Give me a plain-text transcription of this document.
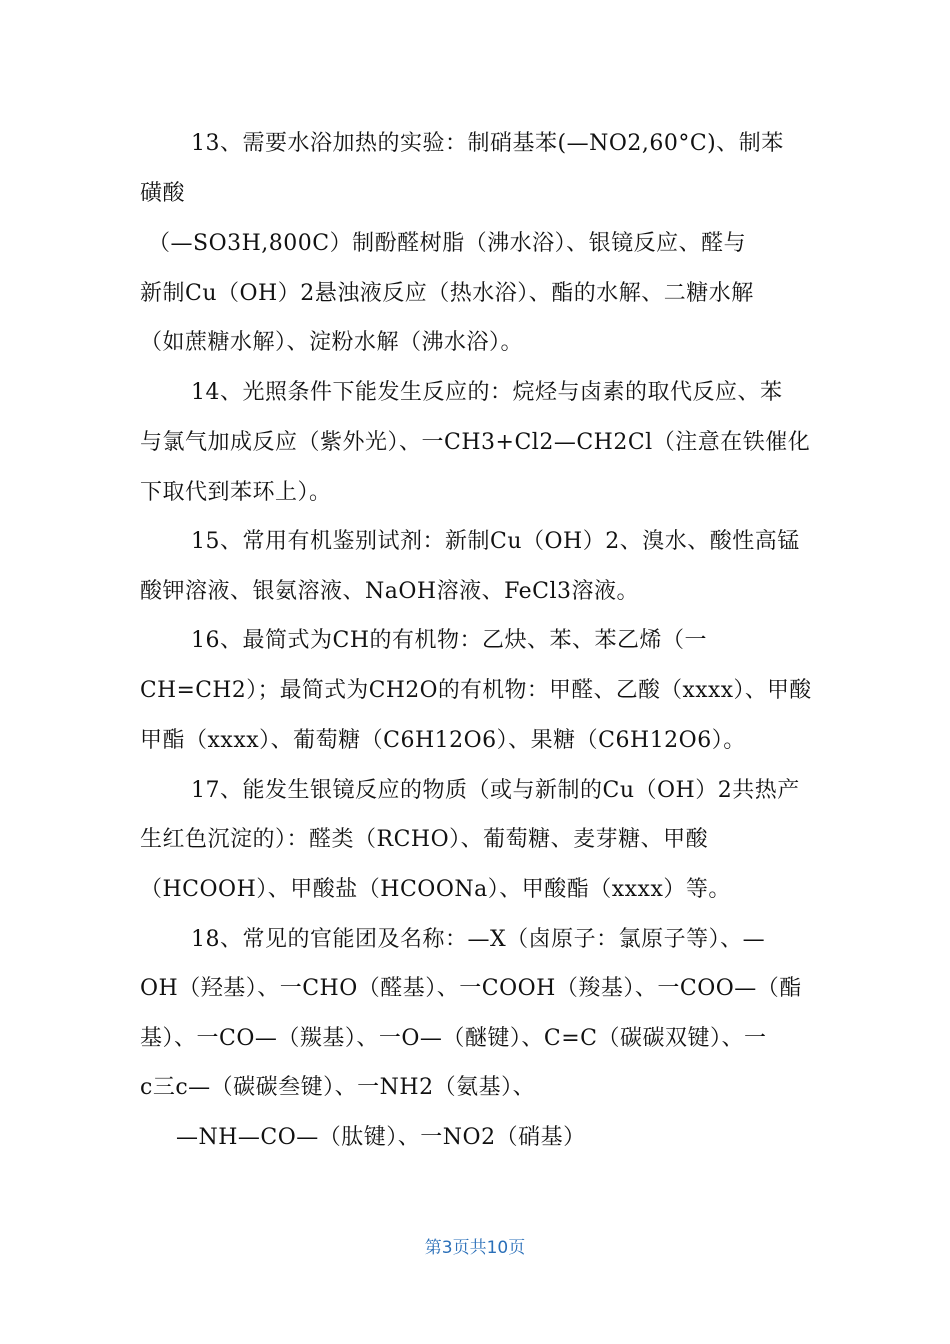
13、需要水浴加热的实验：制硝基苯(—NO2,60°C)、制苯
磺酸
（—SO3H,800C）制酚醛树脂（沸水浴）、银镜反应、醛与
新制Cu（OH）2悬浊液反应（热水浴）、酯的水解、二糖水解
（如蔗糖水解）、淀粉水解（沸水浴）。
14、光照条件下能发生反应的：烷烃与卤素的取代反应、苯
与氯气加成反应（紫外光）、一CH3+Cl2—CH2Cl（注意在铁催化
下取代到苯环上）。
15、常用有机鉴别试剂：新制Cu（OH）2、溴水、酸性高锰
酸钾溶液、银氨溶液、NaOH溶液、FeCl3溶液。
16、最简式为CH的有机物：乙炔、苯、苯乙烯（一
CH=CH2）；最简式为CH2O的有机物：甲醛、乙酸（xxxx）、甲酸
甲酯（xxxx）、葡萄糖（C6H12O6）、果糖（C6H12O6）。
17、能发生银镜反应的物质（或与新制的Cu（OH）2共热产
生红色沉淀的）：醛类（RCHO）、葡萄糖、麦芽糖、甲酸
（HCOOH）、甲酸盐（HCOONa）、甲酸酯（xxxx）等。
18、常见的官能团及名称：—X（卤原子：氯原子等）、—
OH（羟基）、一CHO（醛基）、一COOH（羧基）、一COO—（酯
基）、一CO—（羰基）、一O—（醚键）、C=C（碳碳双键）、一
c三c—（碳碳叁键）、一NH2（氨基）、
—NH—CO—（肽键）、一NO2（硝基）
第3页共10页
